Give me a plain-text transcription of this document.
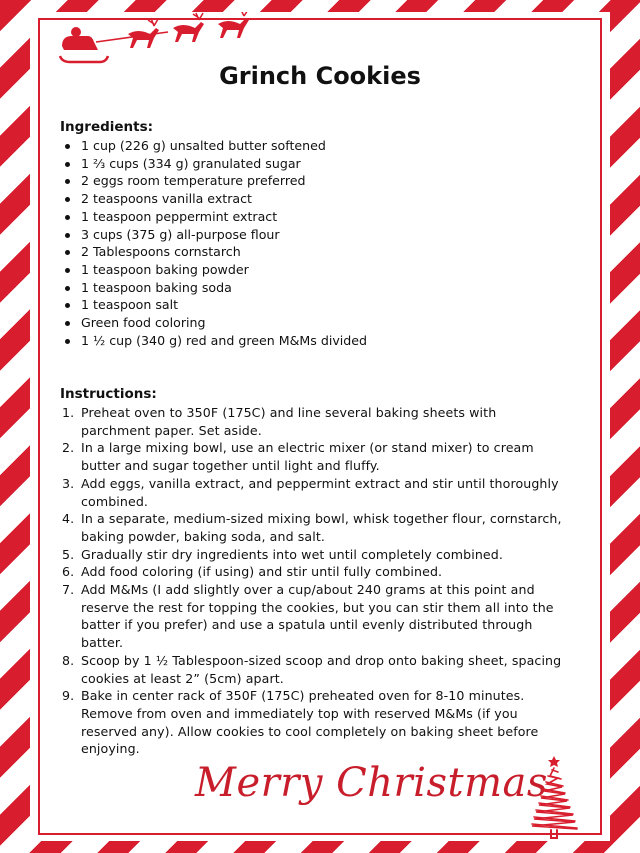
Grinch Cookies
Ingredients:
1 cup (226 g) unsalted butter softened
1 ⅔ cups (334 g) granulated sugar
2 eggs room temperature preferred
2 teaspoons vanilla extract
1 teaspoon peppermint extract
3 cups (375 g) all-purpose flour
2 Tablespoons cornstarch
1 teaspoon baking powder
1 teaspoon baking soda
1 teaspoon salt
Green food coloring
1 ½ cup (340 g) red and green M&Ms divided
Instructions:
1. Preheat oven to 350F (175C) and line several baking sheets with parchment paper. Set aside.
2. In a large mixing bowl, use an electric mixer (or stand mixer) to cream butter and sugar together until light and fluffy.
3. Add eggs, vanilla extract, and peppermint extract and stir until thoroughly combined.
4. In a separate, medium-sized mixing bowl, whisk together flour, cornstarch, baking powder, baking soda, and salt.
5. Gradually stir dry ingredients into wet until completely combined.
6. Add food coloring (if using) and stir until fully combined.
7. Add M&Ms (I add slightly over a cup/about 240 grams at this point and reserve the rest for topping the cookies, but you can stir them all into the batter if you prefer) and use a spatula until evenly distributed through batter.
8. Scoop by 1 ½ Tablespoon-sized scoop and drop onto baking sheet, spacing cookies at least 2” (5cm) apart.
9. Bake in center rack of 350F (175C) preheated oven for 8-10 minutes. Remove from oven and immediately top with reserved M&Ms (if you reserved any). Allow cookies to cool completely on baking sheet before enjoying.
Merry Christmas
